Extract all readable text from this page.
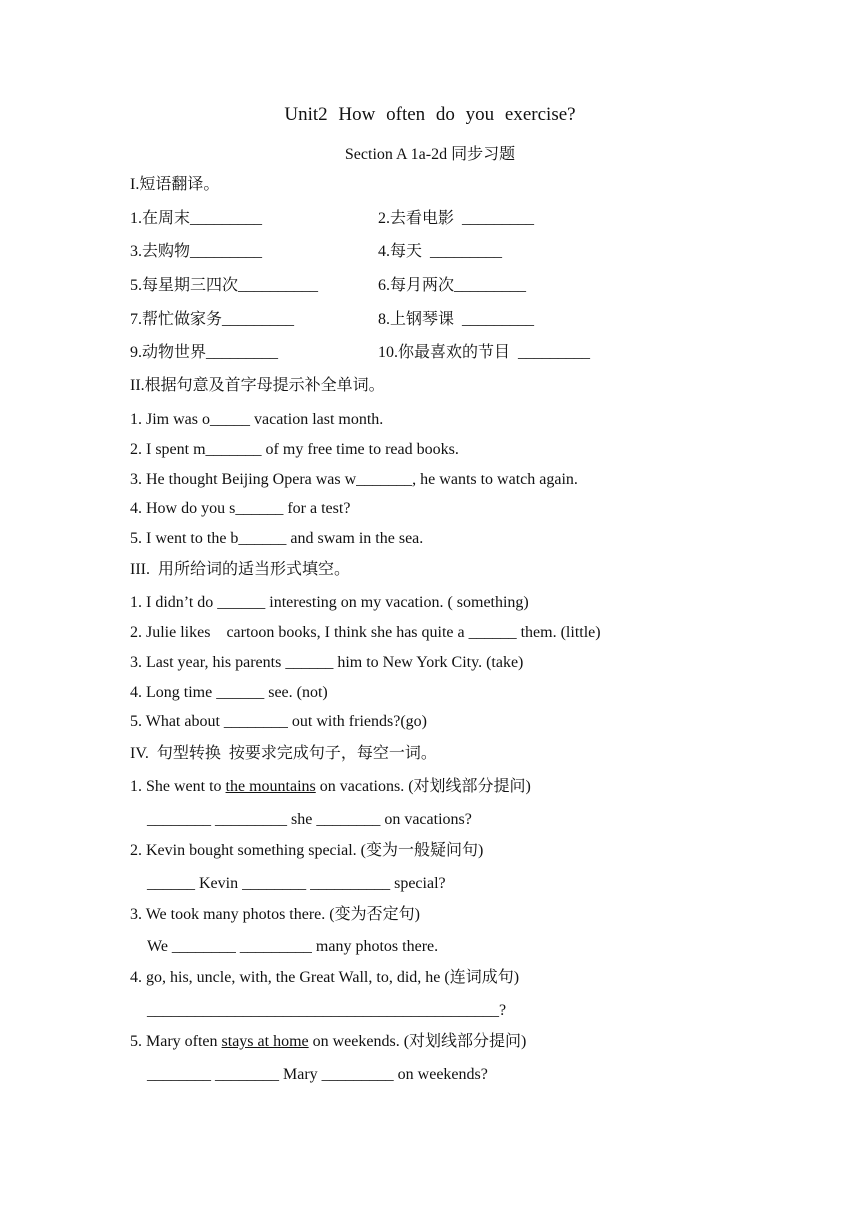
Unit2 How often do you exercise?
Section A 1a-2d 同步习题
I.短语翻译。
1.在周末_________	2.去看电影  _________
3.去购物_________	4.每天  _________
5.每星期三四次__________	6.每月两次_________
7.帮忙做家务_________	8.上钢琴课  _________
9.动物世界_________	10.你最喜欢的节目  _________
II.根据句意及首字母提示补全单词。
1. Jim was o_____ vacation last month.
2. I spent m_______ of my free time to read books.
3. He thought Beijing Opera was w_______, he wants to watch again.
4. How do you s______ for a test?
5. I went to the b______ and swam in the sea.
III.  用所给词的适当形式填空。
1. I didn’t do ______ interesting on my vacation. ( something)
2. Julie likes    cartoon books, I think she has quite a ______ them. (little)
3. Last year, his parents ______ him to New York City. (take)
4. Long time ______ see. (not)
5. What about ________ out with friends?(go)
IV.  句型转换  按要求完成句子，每空一词。
1. She went to the mountains on vacations. (对划线部分提问)
________ _________ she ________ on vacations?
2. Kevin bought something special. (变为一般疑问句)
______ Kevin ________ __________ special?
3. We took many photos there. (变为否定句)
We ________ _________ many photos there.
4. go, his, uncle, with, the Great Wall, to, did, he (连词成句)
____________________________________________?
5. Mary often stays at home on weekends. (对划线部分提问)
________ ________ Mary _________ on weekends?
